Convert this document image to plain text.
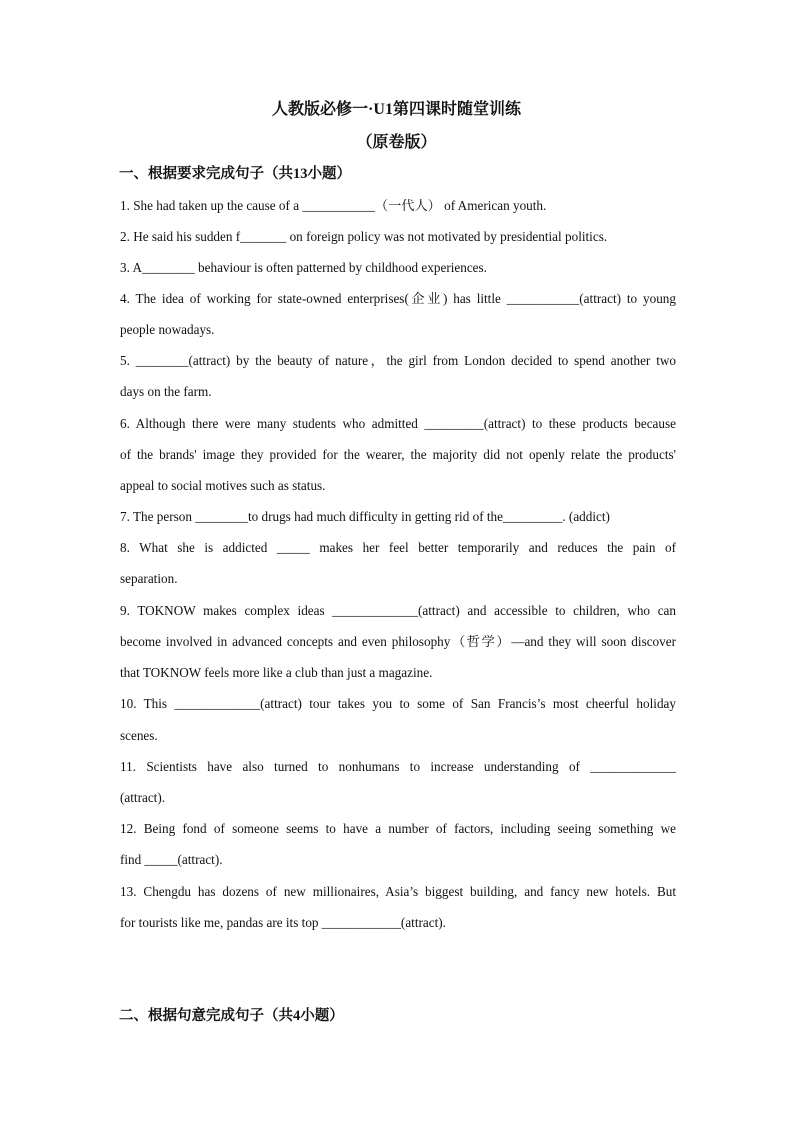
人教版必修一·U1第四课时随堂训练
（原卷版）
一、根据要求完成句子（共13小题）
1. She had taken up the cause of a ___________（一代人） of American youth.
2. He said his sudden f_______ on foreign policy was not motivated by presidential politics.
3. A________ behaviour is often patterned by childhood experiences.
4. The idea of working for state-owned enterprises(企业) has little ___________(attract) to young
people nowadays.
5. ________(attract) by the beauty of nature，the girl from London decided to spend another two
days on the farm.
6. Although there were many students who admitted _________(attract) to these products because
of the brands' image they provided for the wearer, the majority did not openly relate the products'
appeal to social motives such as status.
7. The person ________to drugs had much difficulty in getting rid of the_________. (addict)
8. What she is addicted _____ makes her feel better temporarily and reduces the pain of
separation.
9. TOKNOW makes complex ideas _____________(attract) and accessible to children, who can
become involved in advanced concepts and even philosophy（哲学）—and they will soon discover
that TOKNOW feels more like a club than just a magazine.
10. This _____________(attract) tour takes you to some of San Francis’s most cheerful holiday
scenes.
11. Scientists have also turned to nonhumans to increase understanding of _____________
(attract).
12. Being fond of someone seems to have a number of factors, including seeing something we
find _____(attract).
13. Chengdu has dozens of new millionaires, Asia’s biggest building, and fancy new hotels. But
for tourists like me, pandas are its top ____________(attract).
二、根据句意完成句子（共4小题）
